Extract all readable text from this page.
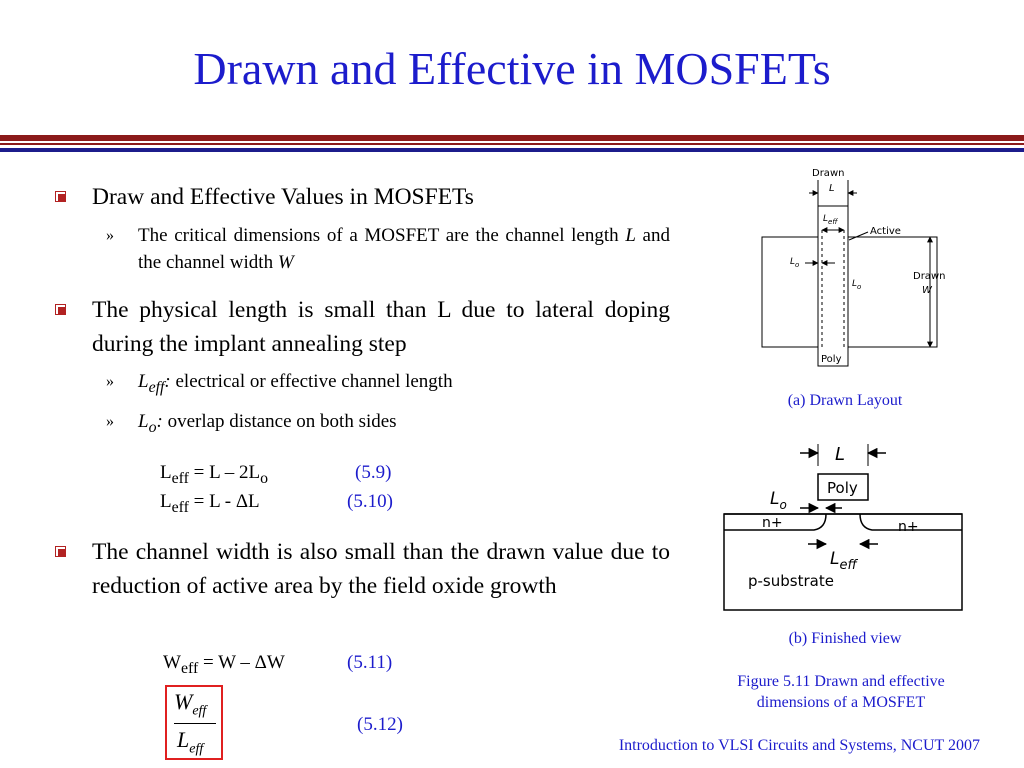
Drawn and Effective in MOSFETs
Draw and Effective Values in MOSFETs
» The critical dimensions of a MOSFET are the channel length L and the channel width W
The physical length is small than L due to lateral doping during the implant annealing step
» $L_{eff}$: electrical or effective channel length
» $L_o$: overlap distance on both sides
$L_{eff} = L - 2L_o$	(5.9)
$L_{eff} = L - \Delta L$	(5.10)
The channel width is also small than the drawn value due to reduction of active area by the field oxide growth
$W_{eff} = W - \Delta W$	(5.11)
$W_{eff}$
$L_{eff}$
(5.12)
Drawn
L
$L_{eff}$
Active
$L_o$
$L_o$
Drawn
W
Poly
(a) Drawn Layout
L
Poly
$L_o$
n+	n+
$L_{eff}$
p-substrate
(b) Finished view
Figure 5.11 Drawn and effective
dimensions of a MOSFET
Introduction to VLSI Circuits and Systems, NCUT 2007
